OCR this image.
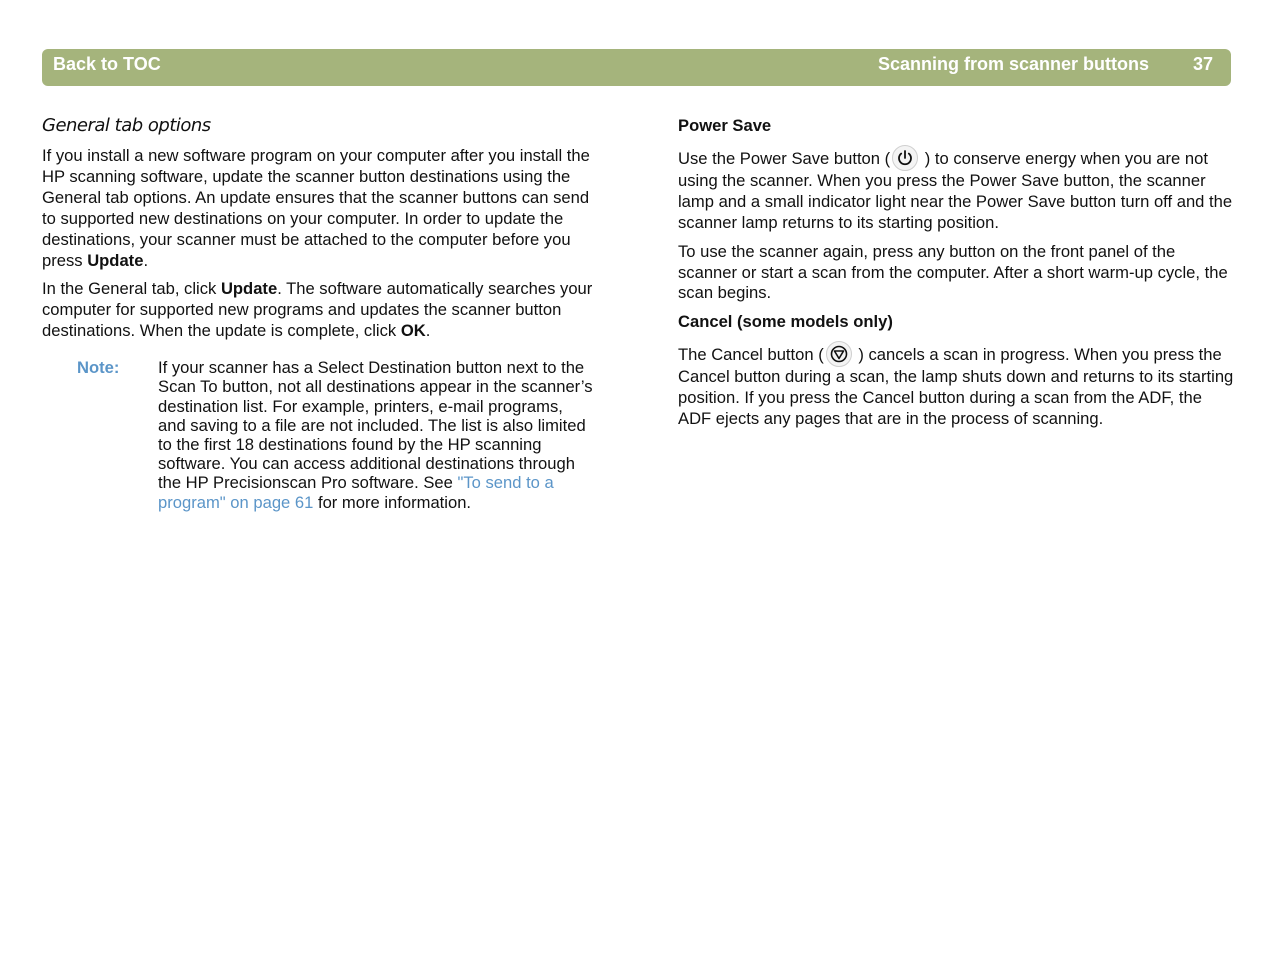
Back to TOC	Scanning from scanner buttons 37
General tab options

If you install a new software program on your computer after you install the HP scanning software, update the scanner button destinations using the General tab options. An update ensures that the scanner buttons can send to supported new destinations on your computer. In order to update the destinations, your scanner must be attached to the computer before you press Update.

In the General tab, click Update. The software automatically searches your computer for supported new programs and updates the scanner button destinations. When the update is complete, click OK.

Note: If your scanner has a Select Destination button next to the Scan To button, not all destinations appear in the scanner’s destination list. For example, printers, e-mail programs, and saving to a file are not included. The list is also limited to the first 18 destinations found by the HP scanning software. You can access additional destinations through the HP Precisionscan Pro software. See "To send to a program" on page 61 for more information.
Power Save

Use the Power Save button (
) to conserve energy when you are not using the scanner. When you press the Power Save button, the scanner lamp and a small indicator light near the Power Save button turn off and the scanner lamp returns to its starting position.

To use the scanner again, press any button on the front panel of the scanner or start a scan from the computer. After a short warm-up cycle, the scan begins.

Cancel (some models only)

The Cancel button (
) cancels a scan in progress. When you press the Cancel button during a scan, the lamp shuts down and returns to its starting position. If you press the Cancel button during a scan from the ADF, the ADF ejects any pages that are in the process of scanning.
